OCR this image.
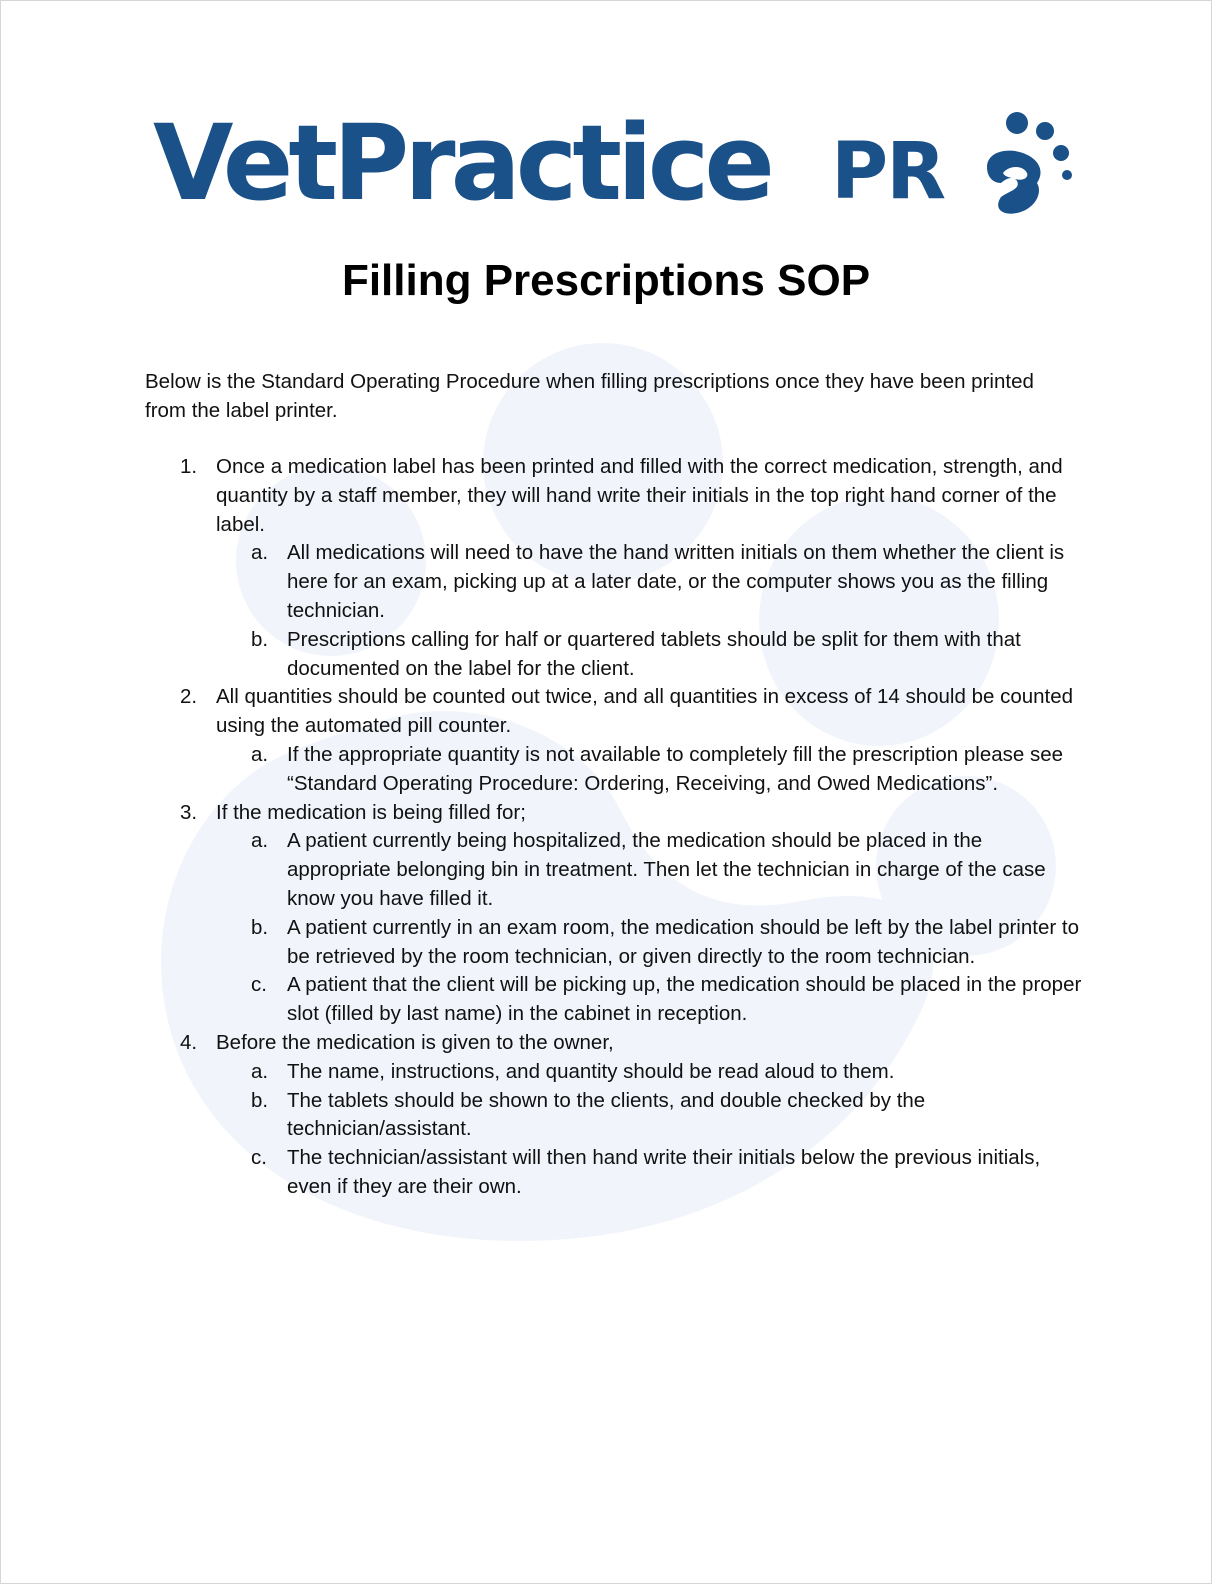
VetPractice PR
Filling Prescriptions SOP
Below is the Standard Operating Procedure when filling prescriptions once they have been printed from the label printer.
1. Once a medication label has been printed and filled with the correct medication, strength, and quantity by a staff member, they will hand write their initials in the top right hand corner of the label.
a. All medications will need to have the hand written initials on them whether the client is here for an exam, picking up at a later date, or the computer shows you as the filling technician.
b. Prescriptions calling for half or quartered tablets should be split for them with that documented on the label for the client.
2. All quantities should be counted out twice, and all quantities in excess of 14 should be counted using the automated pill counter.
a. If the appropriate quantity is not available to completely fill the prescription please see “Standard Operating Procedure: Ordering, Receiving, and Owed Medications”.
3. If the medication is being filled for;
a. A patient currently being hospitalized, the medication should be placed in the appropriate belonging bin in treatment. Then let the technician in charge of the case know you have filled it.
b. A patient currently in an exam room, the medication should be left by the label printer to be retrieved by the room technician, or given directly to the room technician.
c. A patient that the client will be picking up, the medication should be placed in the proper slot (filled by last name) in the cabinet in reception.
4. Before the medication is given to the owner,
a. The name, instructions, and quantity should be read aloud to them.
b. The tablets should be shown to the clients, and double checked by the technician/assistant.
c. The technician/assistant will then hand write their initials below the previous initials, even if they are their own.
